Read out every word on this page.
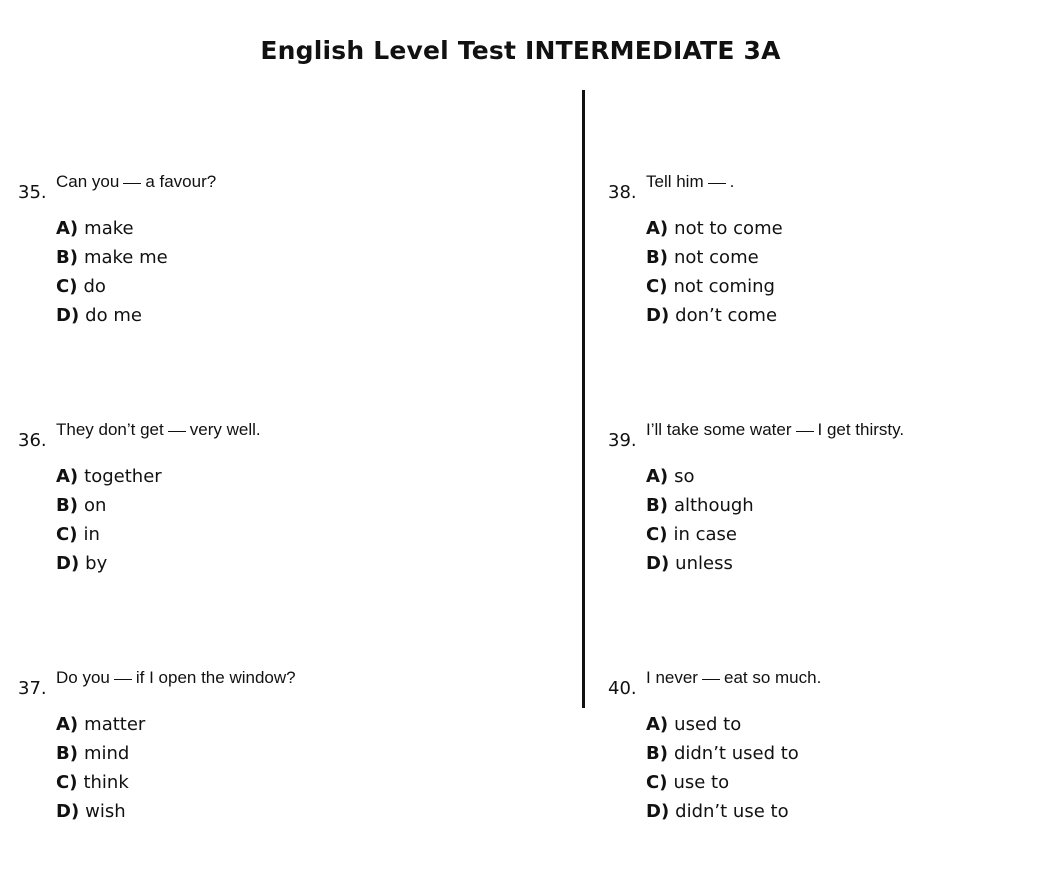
English Level Test INTERMEDIATE 3A
35.
Can you a favour?
A) make
B) make me
C) do
D) do me
36.
They don’t get very well.
A) together
B) on
C) in
D) by
37.
Do you if I open the window?
A) matter
B) mind
C) think
D) wish
38.
Tell him .
A) not to come
B) not come
C) not coming
D) don’t come
39.
I’ll take some water I get thirsty.
A) so
B) although
C) in case
D) unless
40.
I never eat so much.
A) used to
B) didn’t used to
C) use to
D) didn’t use to
